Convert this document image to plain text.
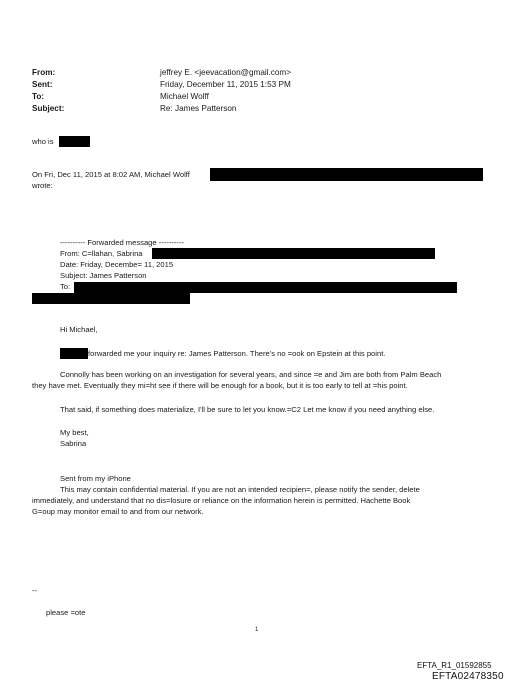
From:	jeffrey E. <jeevacation@gmail.com>
Sent:	Friday, December 11, 2015 1:53 PM
To:	Michael Wolff
Subject:	Re: James Patterson
who is
On Fri, Dec 11, 2015 at 8:02 AM, Michael Wolff
wrote:
---------- Forwarded message ----------
From: C=llahan, Sabrina
Date: Friday, Decembe= 11, 2015
Subject: James Patterson
To:
Hi Michael,
forwarded me your inquiry re: James Patterson. There's no =ook on Epstein at this point.
Connolly has been working on an investigation for several years, and since =e and Jim are both from Palm Beach
they have met. Eventually they mi=ht see if there will be enough for a book, but it is too early to tell at =his point.
That said, if something does materialize, I'll be sure to let you know.=C2 Let me know if you need anything else.
My best,
Sabrina
Sent from my iPhone
This may contain confidential material. If you are not an intended recipien=, please notify the sender, delete
immediately, and understand that no dis=losure or reliance on the information herein is permitted. Hachette Book
G=oup may monitor email to and from our network.
--
please =ote
1
EFTA_R1_01592855
EFTA02478350
